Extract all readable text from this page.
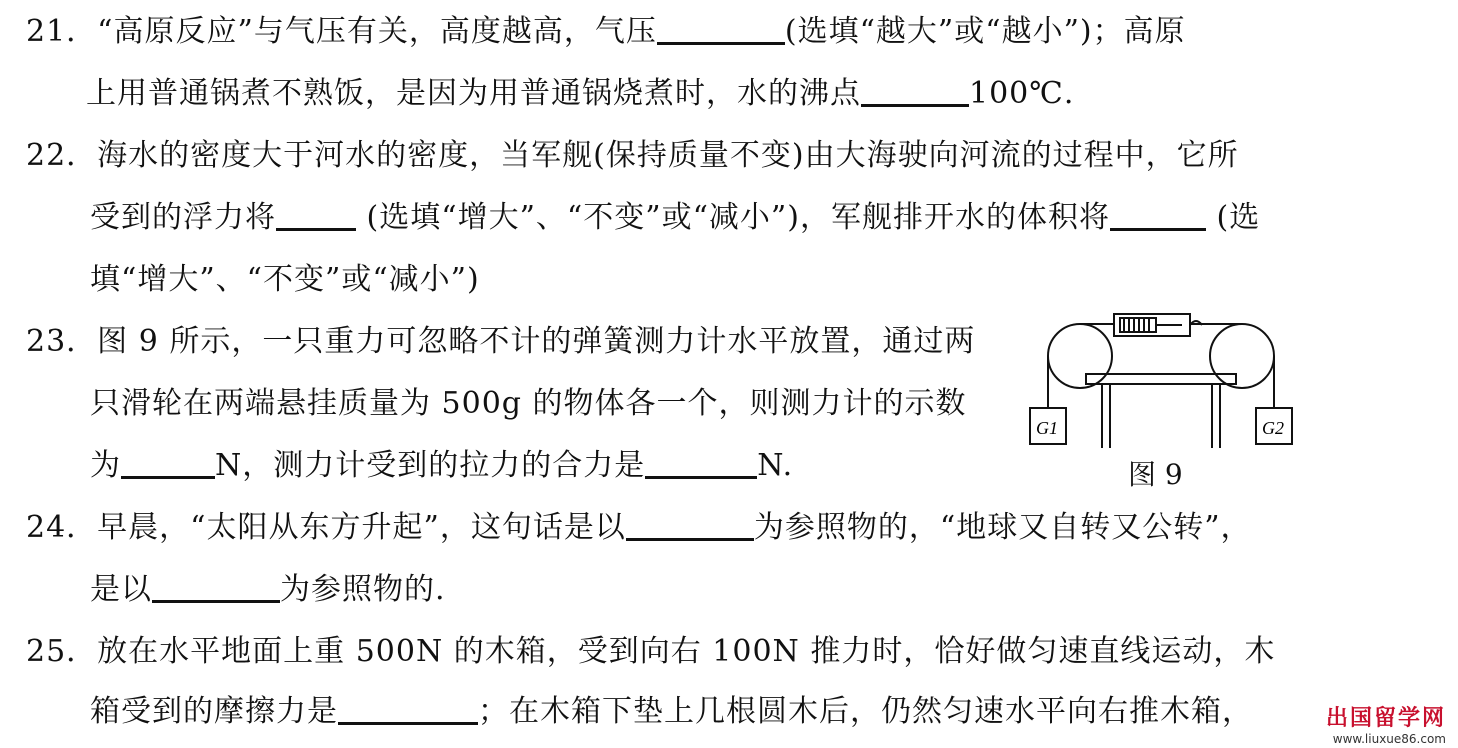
21．“高原反应”与气压有关，高度越高，气压	(选填“越大”或“越小”)；高原
上用普通锅煮不熟饭，是因为用普通锅烧煮时，水的沸点	100℃.
22．海水的密度大于河水的密度，当军舰(保持质量不变)由大海驶向河流的过程中，它所
受到的浮力将	(选填“增大”、“不变”或“减小”)，军舰排开水的体积将	(选
填“增大”、“不变”或“减小”)
23．图 9 所示，一只重力可忽略不计的弹簧测力计水平放置，通过两
只滑轮在两端悬挂质量为 500g 的物体各一个，则测力计的示数
为	N，测力计受到的拉力的合力是	N.
G1	G2
图 9
24．早晨，“太阳从东方升起”，这句话是以	为参照物的，“地球又自转又公转”，
是以	为参照物的.
25．放在水平地面上重 500N 的木箱，受到向右 100N 推力时，恰好做匀速直线运动，木
箱受到的摩擦力是	；在木箱下垫上几根圆木后，仍然匀速水平向右推木箱，	出国留学网
www.liuxue86.com
